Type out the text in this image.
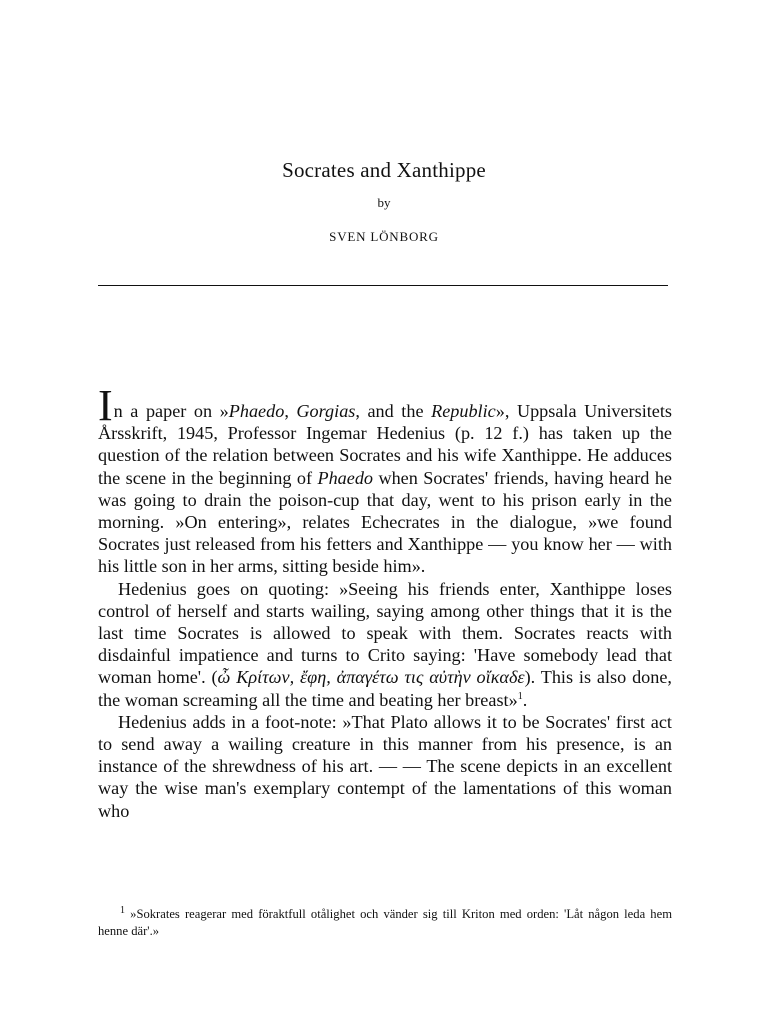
Socrates and Xanthippe
by
SVEN LÖNBORG

In a paper on »Phaedo, Gorgias, and the Republic», Uppsala Universitets Årsskrift, 1945, Professor Ingemar Hedenius (p. 12 f.) has taken up the question of the relation between Socrates and his wife Xanthippe. He adduces the scene in the beginning of Phaedo when Socrates' friends, having heard he was going to drain the poison-cup that day, went to his prison early in the morning. »On entering», relates Echecrates in the dialogue, »we found Socrates just released from his fetters and Xanthippe — you know her — with his little son in her arms, sitting beside him».

Hedenius goes on quoting: »Seeing his friends enter, Xanthippe loses control of herself and starts wailing, saying among other things that it is the last time Socrates is allowed to speak with them. Socrates reacts with disdainful impatience and turns to Crito saying: 'Have somebody lead that woman home'. (ὦ Κρίτων, ἔφη, ἀπαγέτω τις αὐτὴν οἴκαδε). This is also done, the woman screaming all the time and beating her breast»$^1$.

Hedenius adds in a foot-note: »That Plato allows it to be Socrates' first act to send away a wailing creature in this manner from his presence, is an instance of the shrewdness of his art. — — The scene depicts in an excellent way the wise man's exemplary contempt of the lamentations of this woman who

$^1$ »Sokrates reagerar med föraktfull otålighet och vänder sig till Kriton med orden: 'Låt någon leda hem henne där'.»
